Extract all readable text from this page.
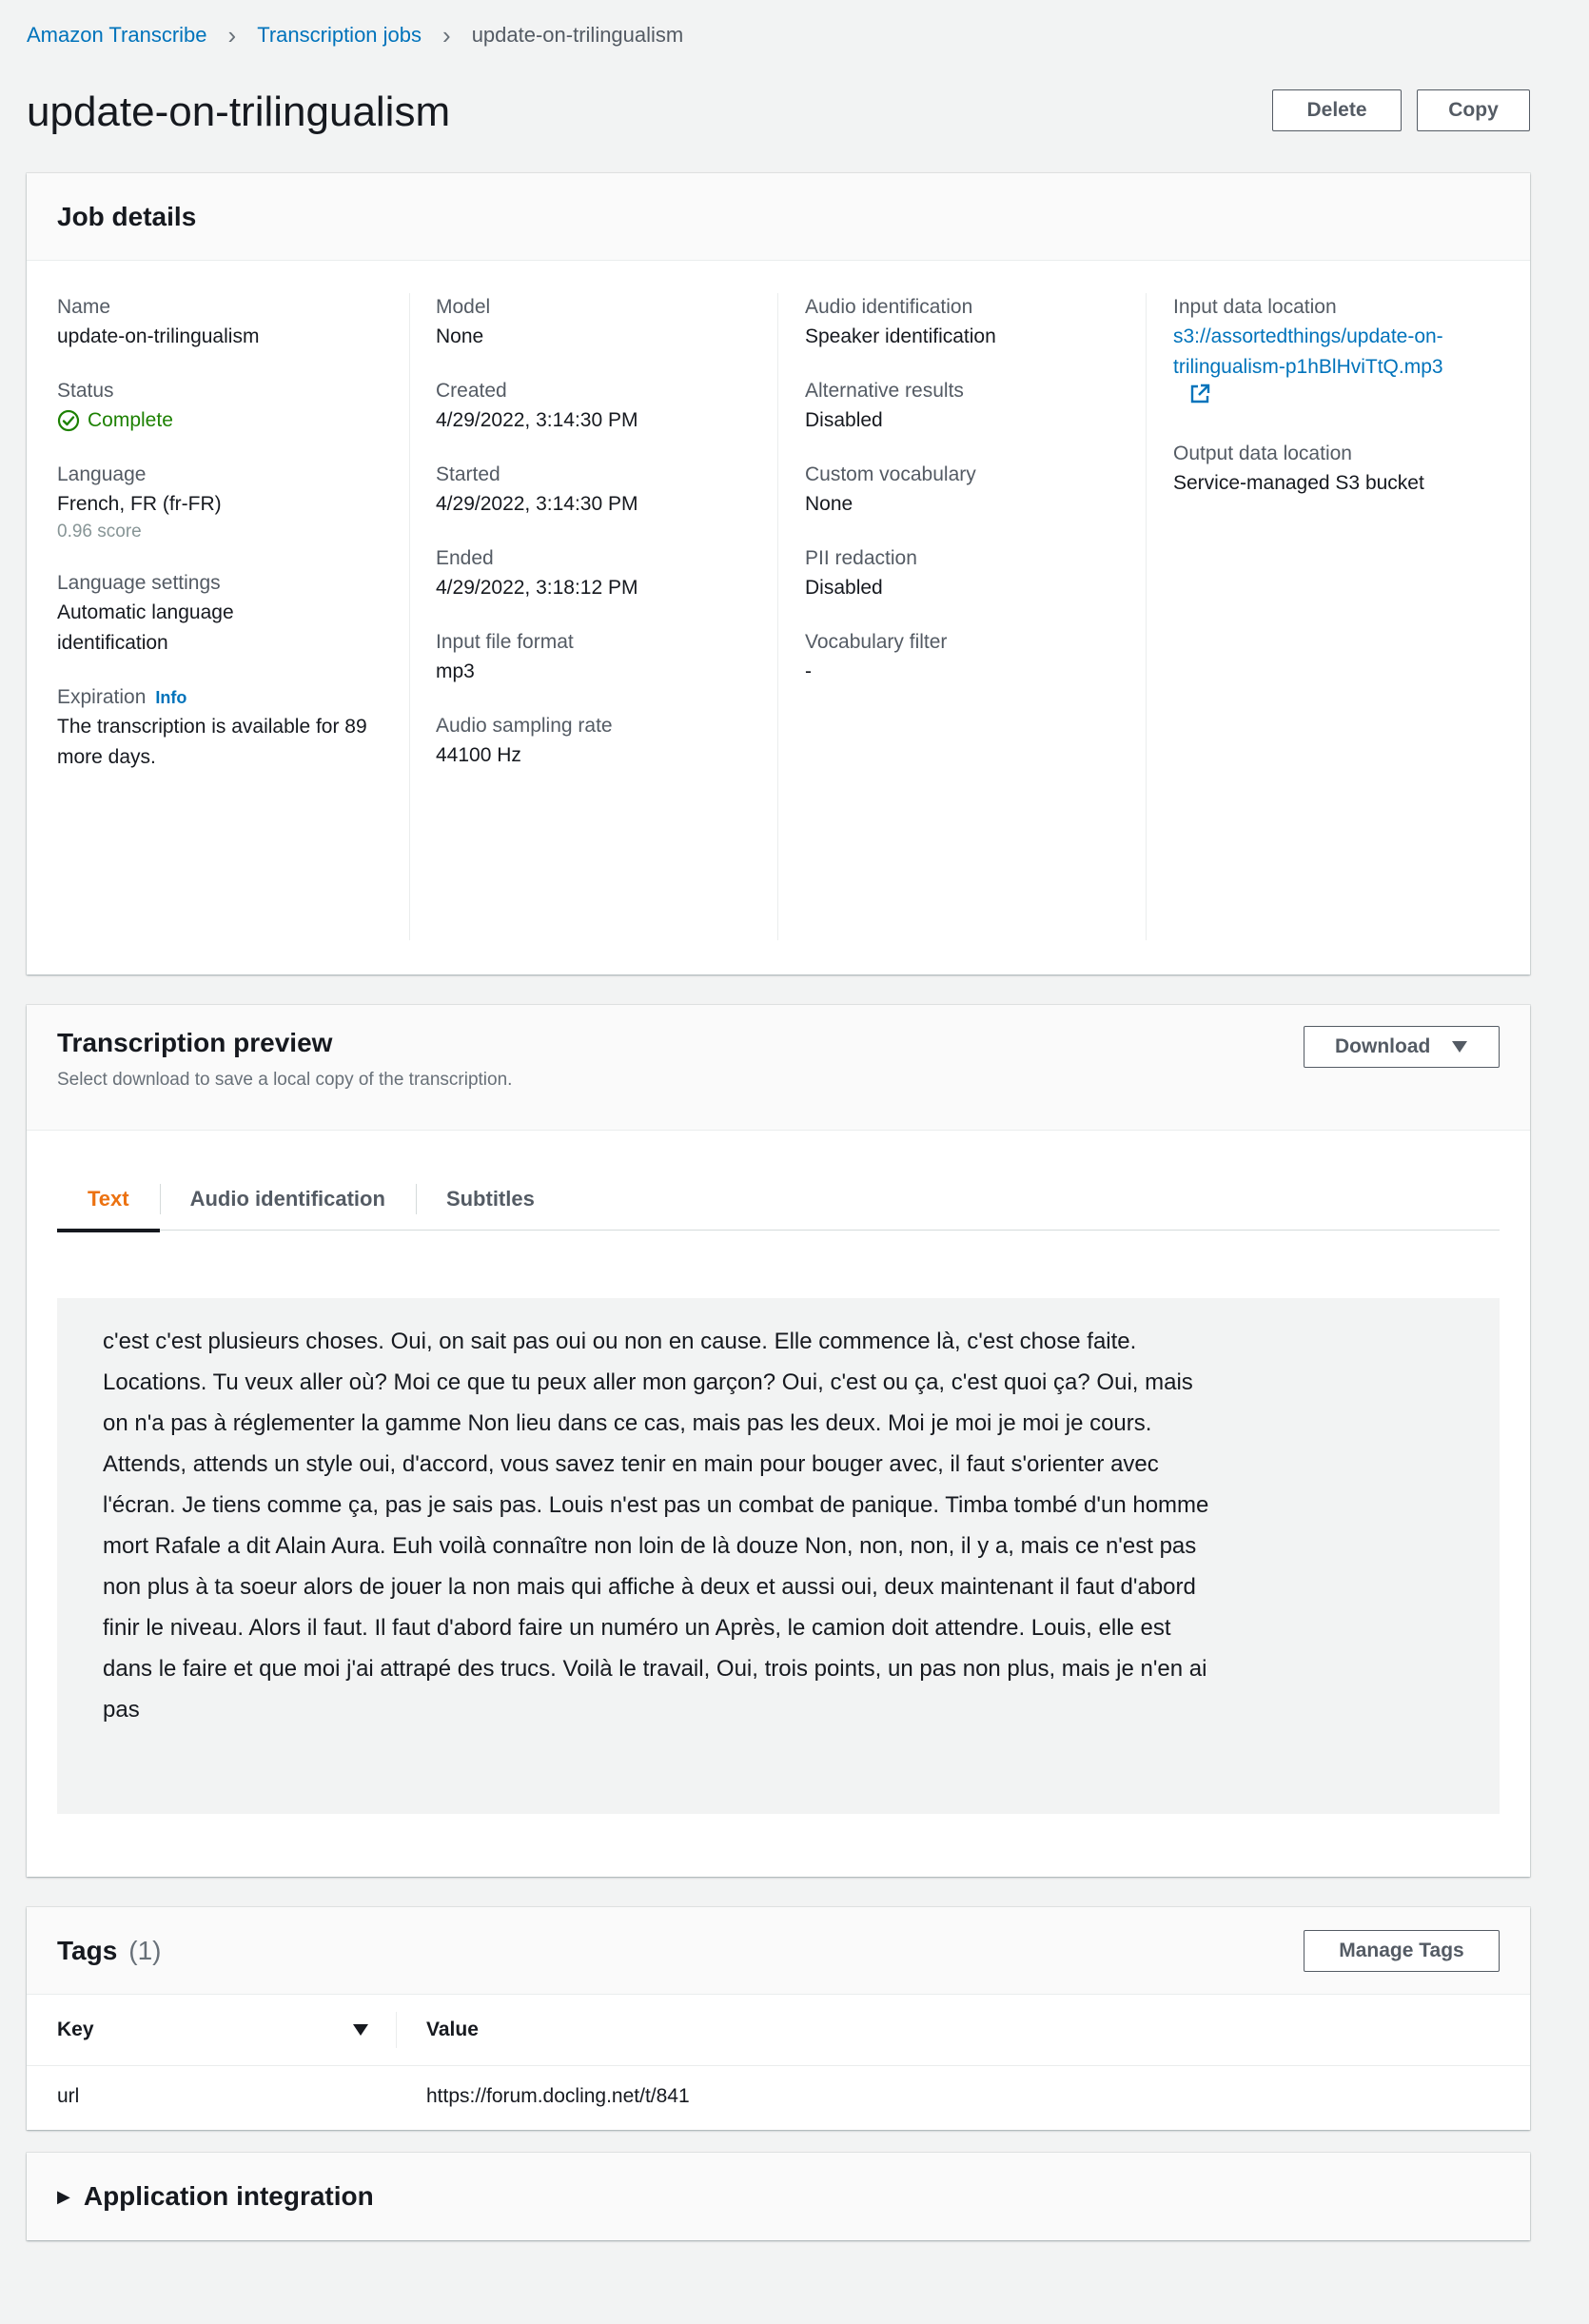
Amazon Transcribe › Transcription jobs › update-on-trilingualism
update-on-trilingualism	Delete	Copy
Job details
Name
update-on-trilingualism
Status
Complete
Language
French, FR (fr-FR)
0.96 score
Language settings
Automatic language identification
Expiration Info
The transcription is available for 89 more days.
Model
None
Created
4/29/2022, 3:14:30 PM
Started
4/29/2022, 3:14:30 PM
Ended
4/29/2022, 3:18:12 PM
Input file format
mp3
Audio sampling rate
44100 Hz
Audio identification
Speaker identification
Alternative results
Disabled
Custom vocabulary
None
PII redaction
Disabled
Vocabulary filter
-
Input data location
s3://assortedthings/update-on-
trilingualism-p1hBlHviTtQ.mp3

Output data location
Service-managed S3 bucket
Transcription preview
Select download to save a local copy of the transcription.
Download
Text	Audio identification	Subtitles

c'est c'est plusieurs choses. Oui, on sait pas oui ou non en cause. Elle commence là, c'est chose faite. Locations. Tu veux aller où? Moi ce que tu peux aller mon garçon? Oui, c'est ou ça, c'est quoi ça? Oui, mais on n'a pas à réglementer la gamme Non lieu dans ce cas, mais pas les deux. Moi je moi je moi je cours. Attends, attends un style oui, d'accord, vous savez tenir en main pour bouger avec, il faut s'orienter avec l'écran. Je tiens comme ça, pas je sais pas. Louis n'est pas un combat de panique. Timba tombé d'un homme mort Rafale a dit Alain Aura. Euh voilà connaître non loin de là douze Non, non, non, il y a, mais ce n'est pas non plus à ta soeur alors de jouer la non mais qui affiche à deux et aussi oui, deux maintenant il faut d'abord finir le niveau. Alors il faut. Il faut d'abord faire un numéro un Après, le camion doit attendre. Louis, elle est dans le faire et que moi j'ai attrapé des trucs. Voilà le travail, Oui, trois points, un pas non plus, mais je n'en ai pas

Tags (1)	Manage Tags
Key	Value
url	https://forum.docling.net/t/841
▶ Application integration
